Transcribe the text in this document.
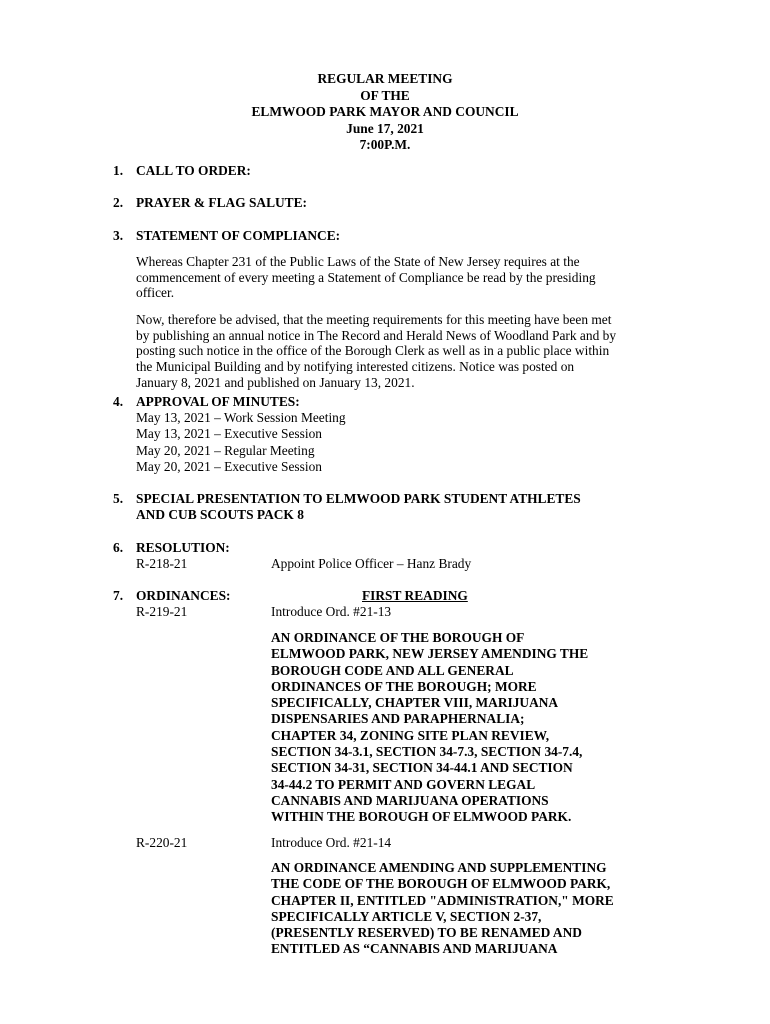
REGULAR MEETING
OF THE
ELMWOOD PARK MAYOR AND COUNCIL
June 17, 2021
7:00P.M.
1. CALL TO ORDER:
2. PRAYER & FLAG SALUTE:
3. STATEMENT OF COMPLIANCE:
Whereas Chapter 231 of the Public Laws of the State of New Jersey requires at the
commencement of every meeting a Statement of Compliance be read by the presiding
officer.
Now, therefore be advised, that the meeting requirements for this meeting have been met
by publishing an annual notice in The Record and Herald News of Woodland Park and by
posting such notice in the office of the Borough Clerk as well as in a public place within
the Municipal Building and by notifying interested citizens. Notice was posted on
January 8, 2021 and published on January 13, 2021.
4. APPROVAL OF MINUTES:
May 13, 2021 – Work Session Meeting
May 13, 2021 – Executive Session
May 20, 2021 – Regular Meeting
May 20, 2021 – Executive Session
5. SPECIAL PRESENTATION TO ELMWOOD PARK STUDENT ATHLETES
AND CUB SCOUTS PACK 8
6. RESOLUTION:
R-218-21	Appoint Police Officer – Hanz Brady
7. ORDINANCES:	FIRST READING
R-219-21	Introduce Ord. #21-13
AN ORDINANCE OF THE BOROUGH OF
ELMWOOD PARK, NEW JERSEY AMENDING THE
BOROUGH CODE AND ALL GENERAL
ORDINANCES OF THE BOROUGH; MORE
SPECIFICALLY, CHAPTER VIII, MARIJUANA
DISPENSARIES AND PARAPHERNALIA;
CHAPTER 34, ZONING SITE PLAN REVIEW,
SECTION 34-3.1, SECTION 34-7.3, SECTION 34-7.4,
SECTION 34-31, SECTION 34-44.1 AND SECTION
34-44.2 TO PERMIT AND GOVERN LEGAL
CANNABIS AND MARIJUANA OPERATIONS
WITHIN THE BOROUGH OF ELMWOOD PARK.
R-220-21	Introduce Ord. #21-14
AN ORDINANCE AMENDING AND SUPPLEMENTING
THE CODE OF THE BOROUGH OF ELMWOOD PARK,
CHAPTER II, ENTITLED "ADMINISTRATION," MORE
SPECIFICALLY ARTICLE V, SECTION 2-37,
(PRESENTLY RESERVED) TO BE RENAMED AND
ENTITLED AS “CANNABIS AND MARIJUANA
